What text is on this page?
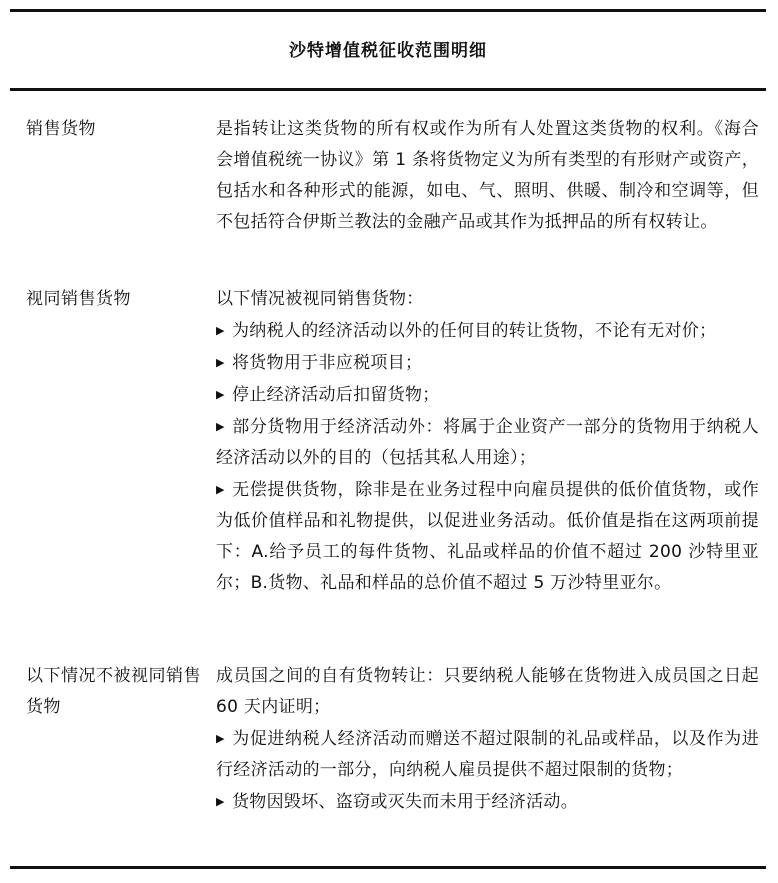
沙特增值税征收范围明细
销售货物	是指转让这类货物的所有权或作为所有人处置这类货物的权利。《海合会增值税统一协议》第 1 条将货物定义为所有类型的有形财产或资产，包括水和各种形式的能源，如电、气、照明、供暖、制冷和空调等，但不包括符合伊斯兰教法的金融产品或其作为抵押品的所有权转让。

视同销售货物	以下情况被视同销售货物：

▶ 为纳税人的经济活动以外的任何目的转让货物，不论有无对价；

▶ 将货物用于非应税项目；

▶ 停止经济活动后扣留货物；

▶ 部分货物用于经济活动外：将属于企业资产一部分的货物用于纳税人经济活动以外的目的（包括其私人用途）；

▶ 无偿提供货物，除非是在业务过程中向雇员提供的低价值货物，或作为低价值样品和礼物提供，以促进业务活动。低价值是指在这两项前提下：A.给予员工的每件货物、礼品或样品的价值不超过 200 沙特里亚尔；B.货物、礼品和样品的总价值不超过 5 万沙特里亚尔。

以下情况不被视同销售货物

成员国之间的自有货物转让：只要纳税人能够在货物进入成员国之日起 60 天内证明；

▶ 为促进纳税人经济活动而赠送不超过限制的礼品或样品，以及作为进行经济活动的一部分，向纳税人雇员提供不超过限制的货物；

▶ 货物因毁坏、盗窃或灭失而未用于经济活动。
